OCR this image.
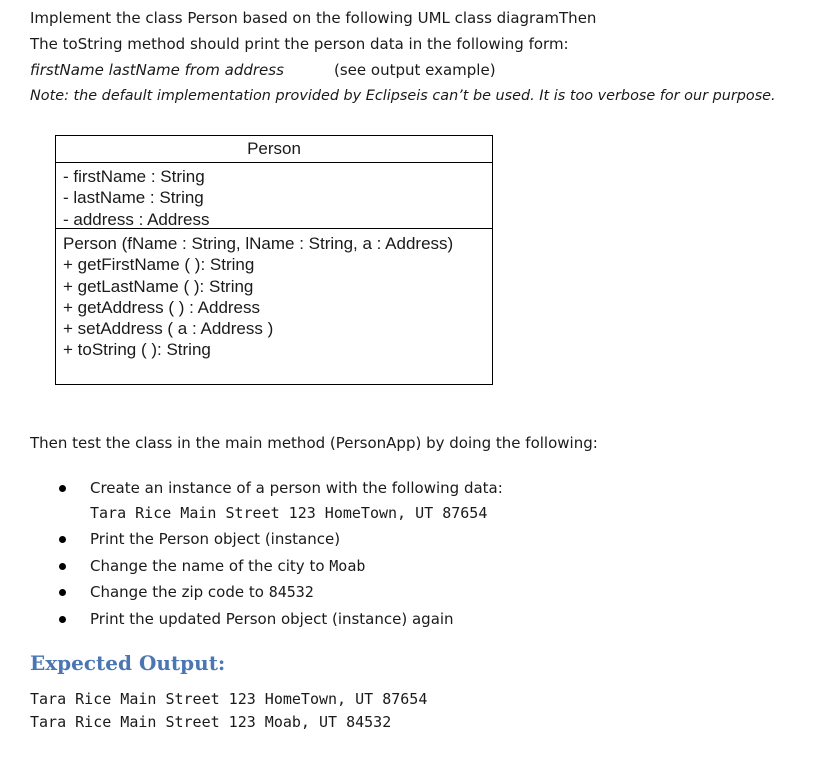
Implement the class Person based on the following UML class diagramThen
The toString method should print the person data in the following form:
firstName lastName from address	(see output example)
Note: the default implementation provided by Eclipseis can’t be used. It is too verbose for our purpose.
Person
- firstName : String
- lastName : String
- address : Address
Person (fName : String, lName : String, a : Address)
+ getFirstName ( ): String
+ getLastName ( ): String
+ getAddress ( ) : Address
+ setAddress ( a : Address )
+ toString ( ): String
Then test the class in the main method (PersonApp) by doing the following:
Create an instance of a person with the following data:
Tara Rice Main Street 123 HomeTown, UT 87654
Print the Person object (instance)
Change the name of the city to Moab
Change the zip code to 84532
Print the updated Person object (instance) again
Expected Output:
Tara Rice Main Street 123 HomeTown, UT 87654
Tara Rice Main Street 123 Moab, UT 84532
